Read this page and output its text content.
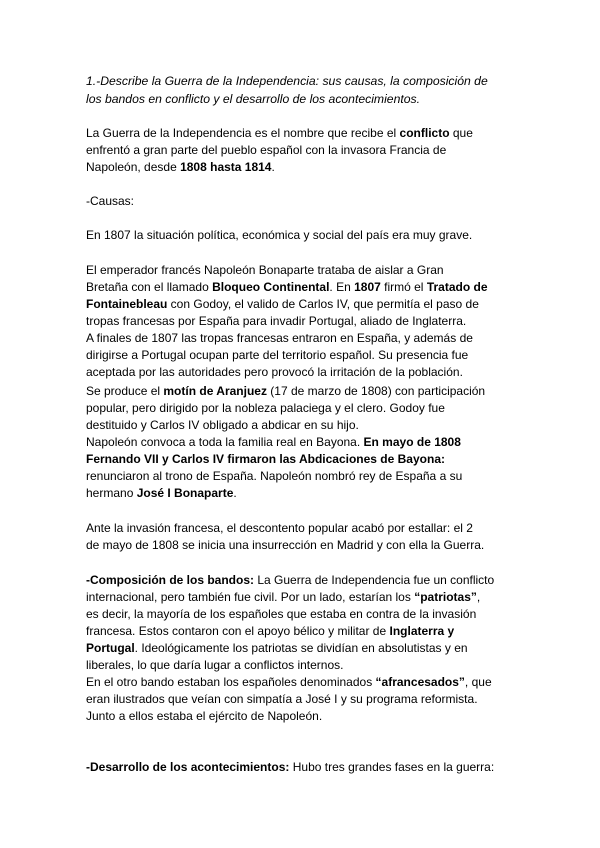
1.-Describe la Guerra de la Independencia: sus causas, la composición de
los bandos en conflicto y el desarrollo de los acontecimientos.
La Guerra de la Independencia es el nombre que recibe el conflicto que
enfrentó a gran parte del pueblo español con la invasora Francia de
Napoleón, desde 1808 hasta 1814.
-Causas:
En 1807 la situación política, económica y social del país era muy grave.
El emperador francés Napoleón Bonaparte trataba de aislar a Gran
Bretaña con el llamado Bloqueo Continental. En 1807 firmó el Tratado de
Fontainebleau con Godoy, el valido de Carlos IV, que permitía el paso de
tropas francesas por España para invadir Portugal, aliado de Inglaterra.
A finales de 1807 las tropas francesas entraron en España, y además de
dirigirse a Portugal ocupan parte del territorio español. Su presencia fue
aceptada por las autoridades pero provocó la irritación de la población.
Se produce el motín de Aranjuez (17 de marzo de 1808) con participación
popular, pero dirigido por la nobleza palaciega y el clero. Godoy fue
destituido y Carlos IV obligado a abdicar en su hijo.
Napoleón convoca a toda la familia real en Bayona. En mayo de 1808
Fernando VII y Carlos IV firmaron las Abdicaciones de Bayona:
renunciaron al trono de España. Napoleón nombró rey de España a su
hermano José I Bonaparte.
Ante la invasión francesa, el descontento popular acabó por estallar: el 2
de mayo de 1808 se inicia una insurrección en Madrid y con ella la Guerra.
-Composición de los bandos: La Guerra de Independencia fue un conflicto
internacional, pero también fue civil. Por un lado, estarían los “patriotas”,
es decir, la mayoría de los españoles que estaba en contra de la invasión
francesa. Estos contaron con el apoyo bélico y militar de Inglaterra y
Portugal. Ideológicamente los patriotas se dividían en absolutistas y en
liberales, lo que daría lugar a conflictos internos.
En el otro bando estaban los españoles denominados “afrancesados”, que
eran ilustrados que veían con simpatía a José I y su programa reformista.
Junto a ellos estaba el ejército de Napoleón.
-Desarrollo de los acontecimientos: Hubo tres grandes fases en la guerra:
